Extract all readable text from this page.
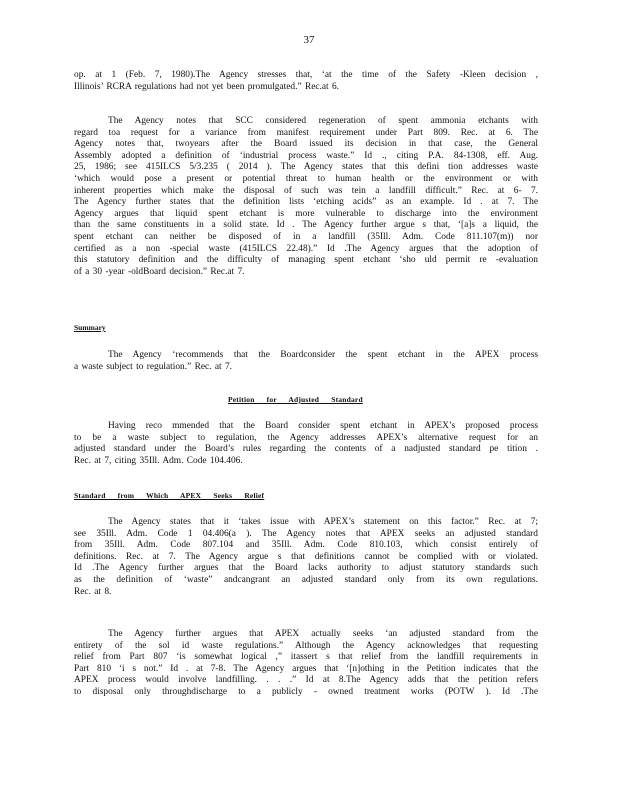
37
op. at 1 (Feb. 7, 1980).The Agency stresses that, ‘at the time of the Safety -Kleen decision ,
Illinois’ RCRA regulations had not yet been promulgated.” Rec.at 6.
The Agency notes that SCC considered regeneration of spent ammonia etchants with
regard toa request for a variance from manifest requirement under Part 809. Rec. at 6. The
Agency notes that, twoyears after the Board issued its decision in that case, the General
Assembly adopted a definition of ‘industrial process waste.” Id ., citing P.A. 84-1308, eff. Aug.
25, 1986; see 415ILCS 5/3.235 ( 2014 ). The Agency states that this defini tion addresses waste
‘which would pose a present or potential threat to human health or the environment or with
inherent properties which make the disposal of such was tein a landfill difficult.” Rec. at 6- 7.
The Agency further states that the definition lists ‘etching acids” as an example. Id . at 7. The
Agency argues that liquid spent etchant is more vulnerable to discharge into the environment
than the same constituents in a solid state. Id . The Agency further argue s that, ‘[a]s a liquid, the
spent etchant can neither be disposed of in a landfill (35Ill. Adm. Code 811.107(m)) nor
certified as a non -special waste (415ILCS 22.48).” Id .The Agency argues that the adoption of
this statutory definition and the difficulty of managing spent etchant ‘sho uld permit re -evaluation
of a 30 -year -oldBoard decision.” Rec.at 7.
Summary
The Agency ‘recommends that the Boardconsider the spent etchant in the APEX process
a waste subject to regulation.” Rec. at 7.
Petition for Adjusted Standard
Having reco mmended that the Board consider spent etchant in APEX’s proposed process
to be a waste subject to regulation, the Agency addresses APEX’s alternative request for an
adjusted standard under the Board’s rules regarding the contents of a nadjusted standard pe tition .
Rec. at 7, citing 35Ill. Adm. Code 104.406.
Standard from Which APEX Seeks Relief
The Agency states that it ‘takes issue with APEX’s statement on this factor.” Rec. at 7;
see 35Ill. Adm. Code 1 04.406(a ). The Agency notes that APEX seeks an adjusted standard
from 35Ill. Adm. Code 807.104 and 35Ill. Adm. Code 810.103, which consist entirely of
definitions. Rec. at 7. The Agency argue s that definitions cannot be complied with or violated.
Id .The Agency further argues that the Board lacks authority to adjust statutory standards such
as the definition of ‘waste” andcangrant an adjusted standard only from its own regulations.
Rec. at 8.
The Agency further argues that APEX actually seeks ‘an adjusted standard from the
entirety of the sol id waste regulations.” Although the Agency acknowledges that requesting
relief from Part 807 ‘is somewhat logical ,” itassert s that relief from the landfill requirements in
Part 810 ‘i s not.” Id . at 7-8. The Agency argues that ‘[n]othing in the Petition indicates that the
APEX process would involve landfilling. . . .” Id at 8.The Agency adds that the petition refers
to disposal only throughdischarge to a publicly - owned treatment works (POTW ). Id .The
